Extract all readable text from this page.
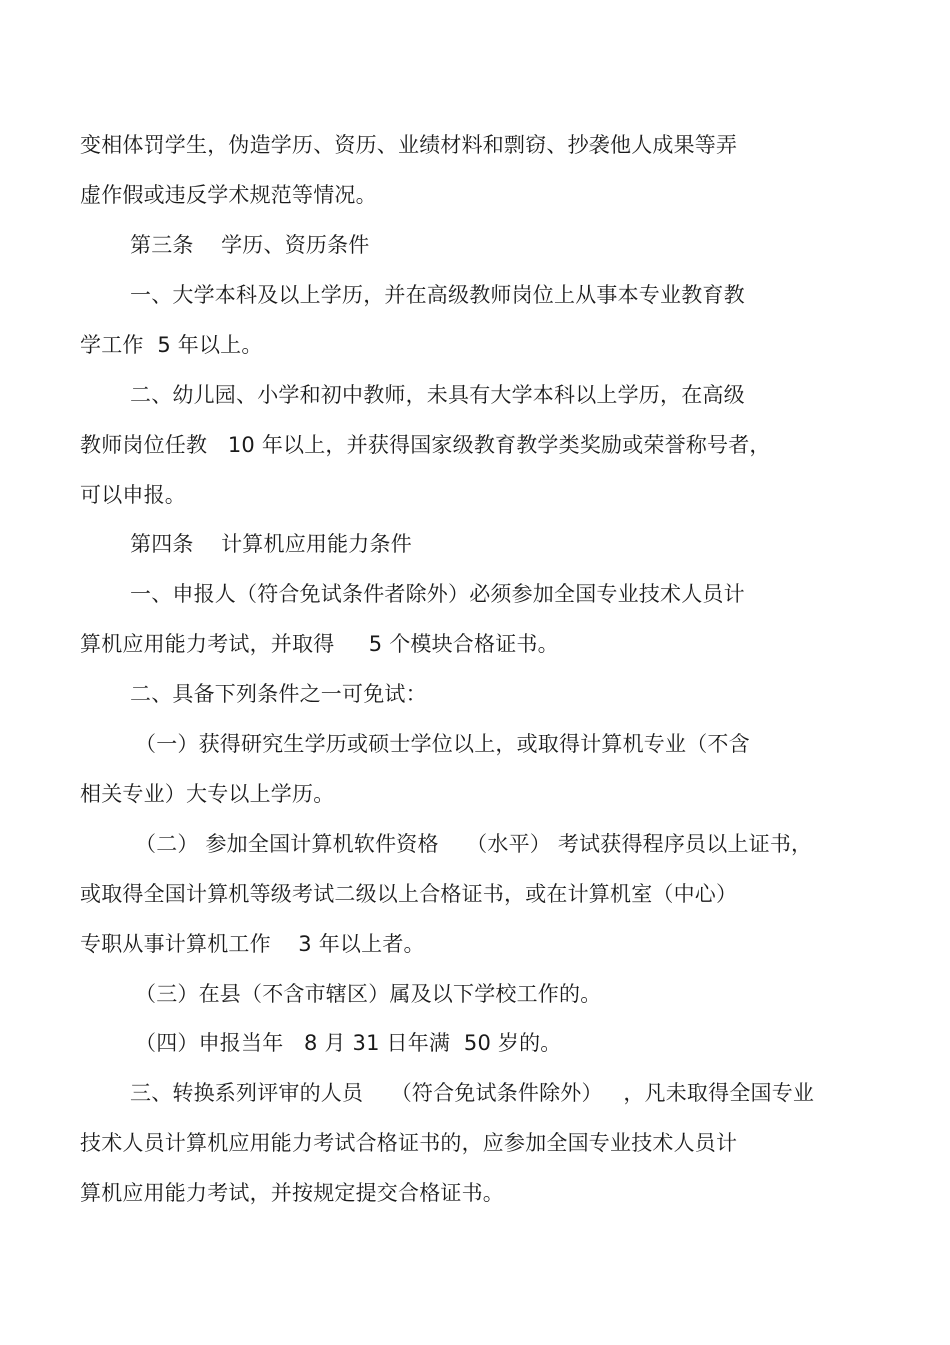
变相体罚学生，伪造学历、资历、业绩材料和剽窃、抄袭他人成果等弄
虚作假或违反学术规范等情况。
第三条    学历、资历条件
一、大学本科及以上学历，并在高级教师岗位上从事本专业教育教
学工作  5 年以上。
二、幼儿园、小学和初中教师，未具有大学本科以上学历，在高级
教师岗位任教   10 年以上，并获得国家级教育教学类奖励或荣誉称号者，
可以申报。
第四条    计算机应用能力条件
一、申报人（符合免试条件者除外）必须参加全国专业技术人员计
算机应用能力考试，并取得     5 个模块合格证书。
二、具备下列条件之一可免试：
（一）获得研究生学历或硕士学位以上，或取得计算机专业（不含
相关专业）大专以上学历。
（二） 参加全国计算机软件资格    （水平） 考试获得程序员以上证书，
或取得全国计算机等级考试二级以上合格证书，或在计算机室（中心）
专职从事计算机工作    3 年以上者。
（三）在县（不含市辖区）属及以下学校工作的。
（四）申报当年   8 月 31 日年满  50 岁的。
三、转换系列评审的人员    （符合免试条件除外）   ，凡未取得全国专业
技术人员计算机应用能力考试合格证书的，应参加全国专业技术人员计
算机应用能力考试，并按规定提交合格证书。
